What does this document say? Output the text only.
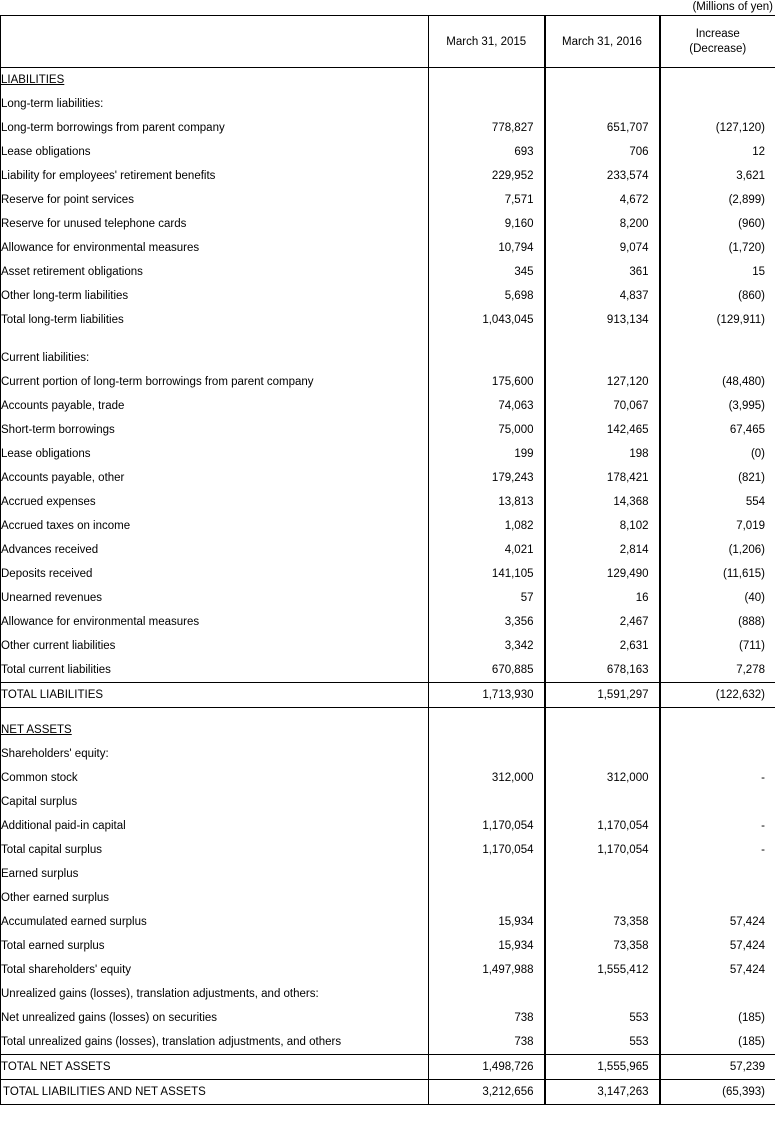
(Millions of yen)
	March 31, 2015	March 31, 2016	Increase
(Decrease)

LIABILITIES			
Long-term liabilities:			
Long-term borrowings from parent company	778,827	651,707	(127,120)
Lease obligations	693	706	12
Liability for employees' retirement benefits	229,952	233,574	3,621
Reserve for point services	7,571	4,672	(2,899)
Reserve for unused telephone cards	9,160	8,200	(960)
Allowance for environmental measures	10,794	9,074	(1,720)
Asset retirement obligations	345	361	15
Other long-term liabilities	5,698	4,837	(860)
Total long-term liabilities	1,043,045	913,134	(129,911)

Current liabilities:			
Current portion of long-term borrowings from parent company	175,600	127,120	(48,480)
Accounts payable, trade	74,063	70,067	(3,995)
Short-term borrowings	75,000	142,465	67,465
Lease obligations	199	198	(0)
Accounts payable, other	179,243	178,421	(821)
Accrued expenses	13,813	14,368	554
Accrued taxes on income	1,082	8,102	7,019
Advances received	4,021	2,814	(1,206)
Deposits received	141,105	129,490	(11,615)
Unearned revenues	57	16	(40)
Allowance for environmental measures	3,356	2,467	(888)
Other current liabilities	3,342	2,631	(711)
Total current liabilities	670,885	678,163	7,278
TOTAL LIABILITIES	1,713,930	1,591,297	(122,632)

NET ASSETS			
Shareholders' equity:			
Common stock	312,000	312,000	-
Capital surplus			
Additional paid-in capital	1,170,054	1,170,054	-
Total capital surplus	1,170,054	1,170,054	-
Earned surplus			
Other earned surplus			
Accumulated earned surplus	15,934	73,358	57,424
Total earned surplus	15,934	73,358	57,424
Total shareholders' equity	1,497,988	1,555,412	57,424
Unrealized gains (losses), translation adjustments, and others:			
Net unrealized gains (losses) on securities	738	553	(185)
Total unrealized gains (losses), translation adjustments, and others	738	553	(185)
TOTAL NET ASSETS	1,498,726	1,555,965	57,239
TOTAL LIABILITIES AND NET ASSETS	3,212,656	3,147,263	(65,393)
